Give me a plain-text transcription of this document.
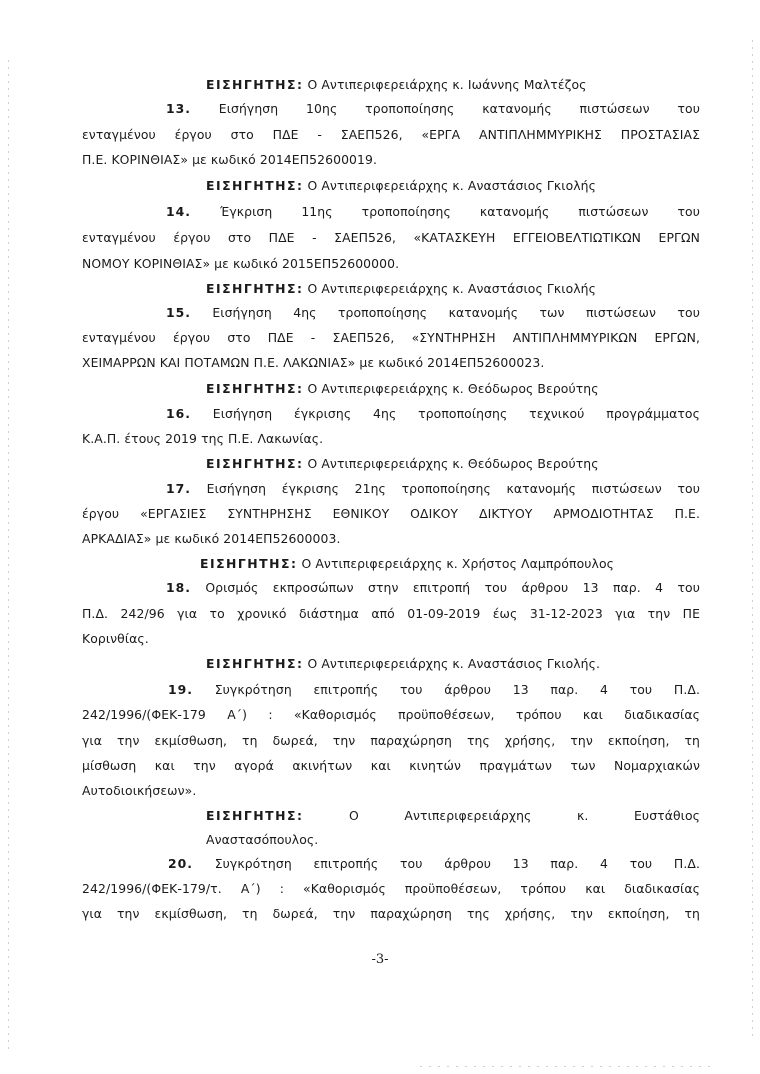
ΕΙΣΗΓΗΤΗΣ: Ο Αντιπεριφερειάρχης κ. Ιωάννης Μαλτέζος
13. Εισήγηση 10ης τροποποίησης κατανομής πιστώσεων του
ενταγμένου έργου στο ΠΔΕ - ΣΑΕΠ526, «ΕΡΓΑ ΑΝΤΙΠΛΗΜΜΥΡΙΚΗΣ ΠΡΟΣΤΑΣΙΑΣ
Π.Ε. ΚΟΡΙΝΘΙΑΣ» με κωδικό 2014ΕΠ52600019.
ΕΙΣΗΓΗΤΗΣ: Ο Αντιπεριφερειάρχης κ. Αναστάσιος Γκιολής
14. Έγκριση 11ης τροποποίησης κατανομής πιστώσεων του
ενταγμένου έργου στο ΠΔΕ - ΣΑΕΠ526, «ΚΑΤΑΣΚΕΥΗ ΕΓΓΕΙΟΒΕΛΤΙΩΤΙΚΩΝ ΕΡΓΩΝ
ΝΟΜΟΥ ΚΟΡΙΝΘΙΑΣ» με κωδικό 2015ΕΠ52600000.
ΕΙΣΗΓΗΤΗΣ: Ο Αντιπεριφερειάρχης κ. Αναστάσιος Γκιολής
15. Εισήγηση 4ης τροποποίησης κατανομής των πιστώσεων του
ενταγμένου έργου στο ΠΔΕ - ΣΑΕΠ526, «ΣΥΝΤΗΡΗΣΗ ΑΝΤΙΠΛΗΜΜΥΡΙΚΩΝ ΕΡΓΩΝ,
ΧΕΙΜΑΡΡΩΝ ΚΑΙ ΠΟΤΑΜΩΝ Π.Ε. ΛΑΚΩΝΙΑΣ» με κωδικό 2014ΕΠ52600023.
ΕΙΣΗΓΗΤΗΣ: Ο Αντιπεριφερειάρχης κ. Θεόδωρος Βερούτης
16. Εισήγηση έγκρισης 4ης τροποποίησης τεχνικού προγράμματος
Κ.Α.Π. έτους 2019 της Π.Ε. Λακωνίας.
ΕΙΣΗΓΗΤΗΣ: Ο Αντιπεριφερειάρχης κ. Θεόδωρος Βερούτης
17. Εισήγηση έγκρισης 21ης τροποποίησης κατανομής πιστώσεων του
έργου «ΕΡΓΑΣΙΕΣ ΣΥΝΤΗΡΗΣΗΣ ΕΘΝΙΚΟΥ ΟΔΙΚΟΥ ΔΙΚΤΥΟΥ ΑΡΜΟΔΙΟΤΗΤΑΣ Π.Ε.
ΑΡΚΑΔΙΑΣ» με κωδικό 2014ΕΠ52600003.
ΕΙΣΗΓΗΤΗΣ: Ο Αντιπεριφερειάρχης κ. Χρήστος Λαμπρόπουλος
18. Ορισμός εκπροσώπων στην επιτροπή του άρθρου 13 παρ. 4 του
Π.Δ. 242/96 για το χρονικό διάστημα από 01-09-2019 έως 31-12-2023 για την ΠΕ
Κορινθίας.
ΕΙΣΗΓΗΤΗΣ: Ο Αντιπεριφερειάρχης κ. Αναστάσιος Γκιολής.
19. Συγκρότηση επιτροπής του άρθρου 13 παρ. 4 του Π.Δ.
242/1996/(ΦΕΚ-179 Α΄) : «Καθορισμός προϋποθέσεων, τρόπου και διαδικασίας
για την εκμίσθωση, τη δωρεά, την παραχώρηση της χρήσης, την εκποίηση, τη
μίσθωση και την αγορά ακινήτων και κινητών πραγμάτων των Νομαρχιακών
Αυτοδιοικήσεων».
ΕΙΣΗΓΗΤΗΣ:	Ο Αντιπεριφερειάρχης κ. Ευστάθιος
Αναστασόπουλος.
20. Συγκρότηση επιτροπής του άρθρου 13 παρ. 4 του Π.Δ.
242/1996/(ΦΕΚ-179/τ. Α΄) : «Καθορισμός προϋποθέσεων, τρόπου και διαδικασίας
για την εκμίσθωση, τη δωρεά, την παραχώρηση της χρήσης, την εκποίηση, τη
-3-
